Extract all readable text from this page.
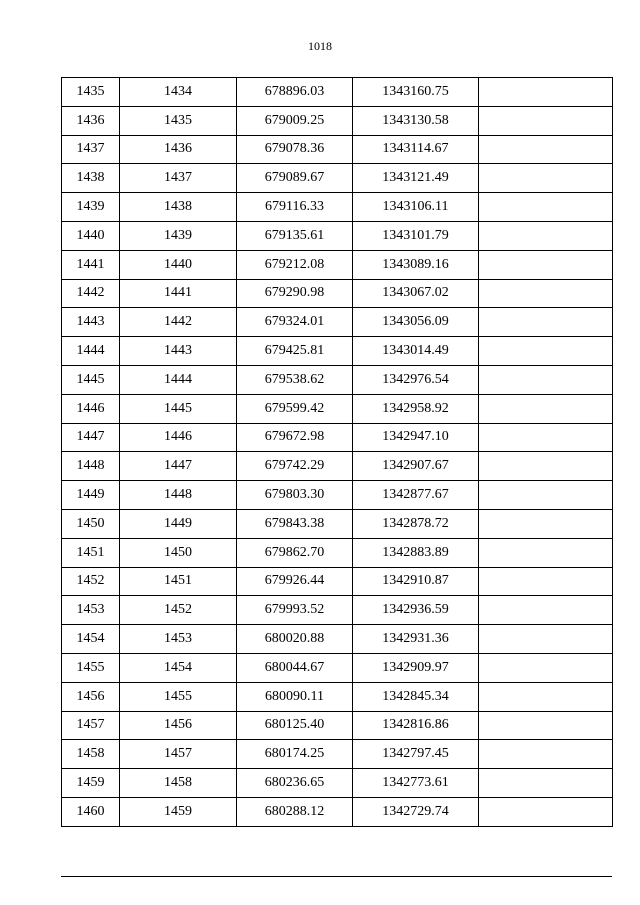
1018
1435	1434	678896.03	1343160.75	
1436	1435	679009.25	1343130.58	
1437	1436	679078.36	1343114.67	
1438	1437	679089.67	1343121.49	
1439	1438	679116.33	1343106.11	
1440	1439	679135.61	1343101.79	
1441	1440	679212.08	1343089.16	
1442	1441	679290.98	1343067.02	
1443	1442	679324.01	1343056.09	
1444	1443	679425.81	1343014.49	
1445	1444	679538.62	1342976.54	
1446	1445	679599.42	1342958.92	
1447	1446	679672.98	1342947.10	
1448	1447	679742.29	1342907.67	
1449	1448	679803.30	1342877.67	
1450	1449	679843.38	1342878.72	
1451	1450	679862.70	1342883.89	
1452	1451	679926.44	1342910.87	
1453	1452	679993.52	1342936.59	
1454	1453	680020.88	1342931.36	
1455	1454	680044.67	1342909.97	
1456	1455	680090.11	1342845.34	
1457	1456	680125.40	1342816.86	
1458	1457	680174.25	1342797.45	
1459	1458	680236.65	1342773.61	
1460	1459	680288.12	1342729.74	
